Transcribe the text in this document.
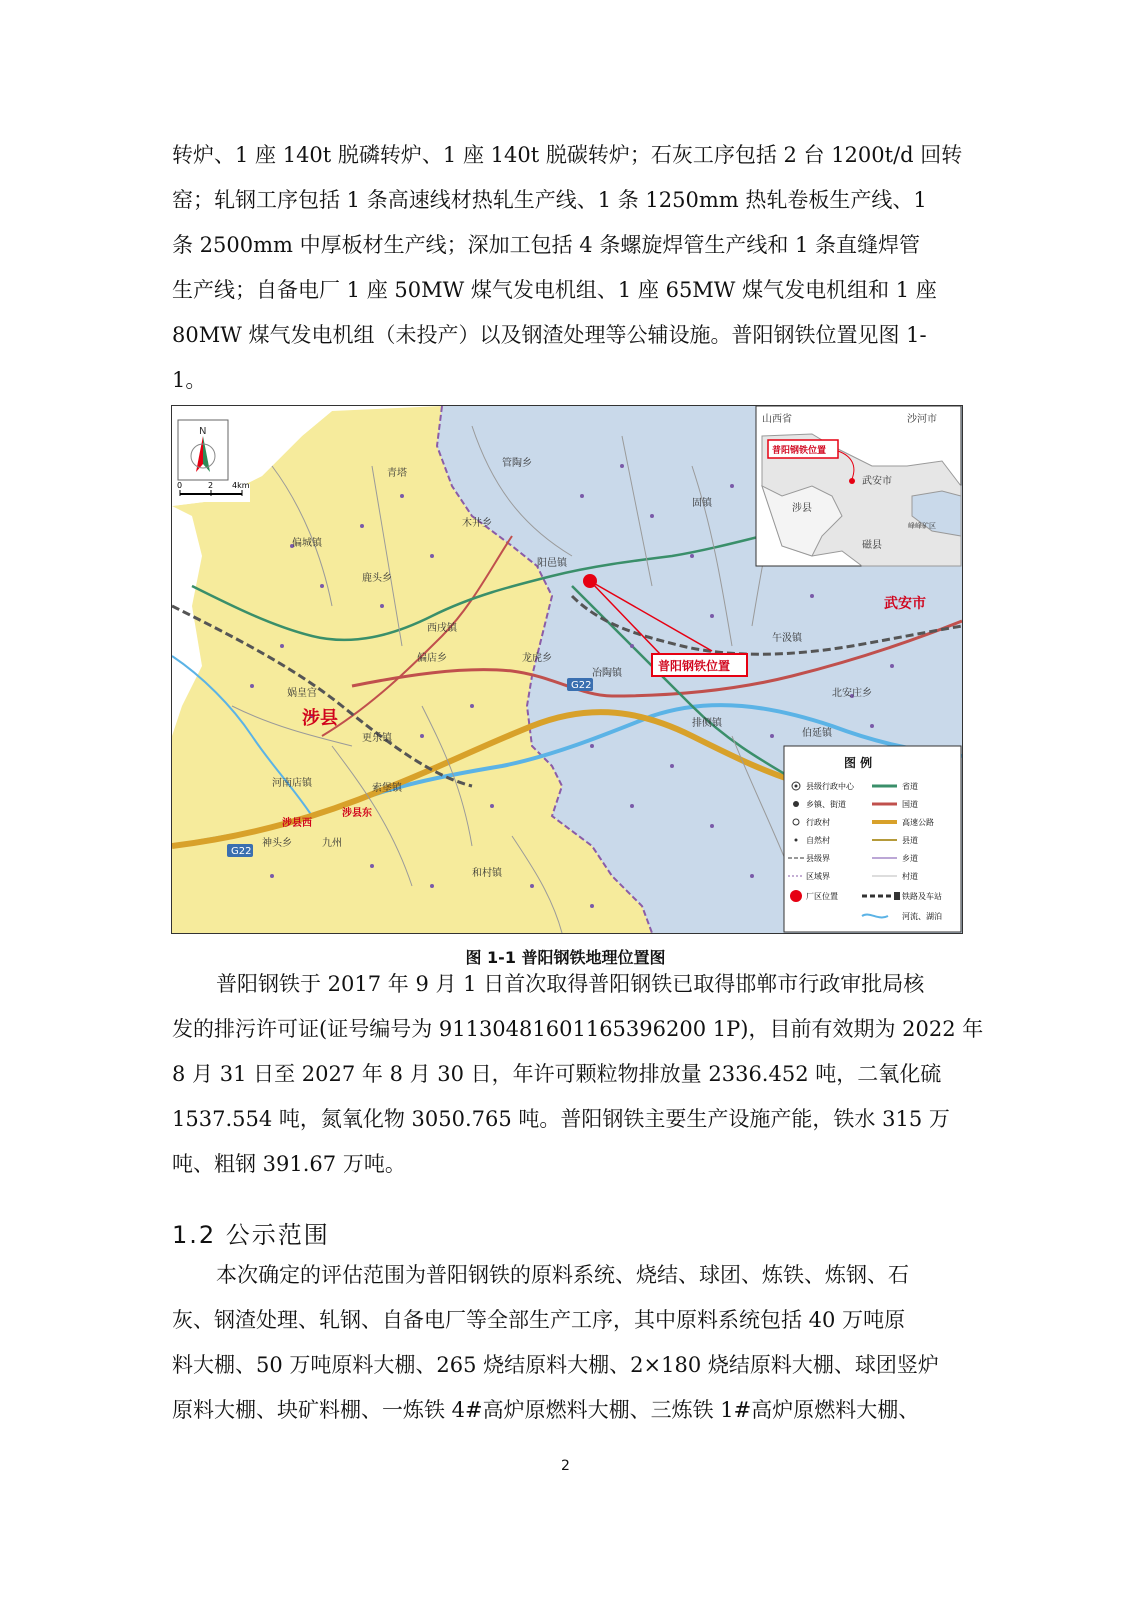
转炉、1 座 140t 脱磷转炉、1 座 140t 脱碳转炉；石灰工序包括 2 台 1200t/d 回转
窑；轧钢工序包括 1 条高速线材热轧生产线、1 条 1250mm 热轧卷板生产线、1
条 2500mm 中厚板材生产线；深加工包括 4 条螺旋焊管生产线和 1 条直缝焊管
生产线；自备电厂 1 座 50MW 煤气发电机组、1 座 65MW 煤气发电机组和 1 座
80MW 煤气发电机组（未投产）以及钢渣处理等公辅设施。普阳钢铁位置见图 1-
1。
涉县
武安市
阳邑镇
冶陶镇
偏城镇
鹿头乡
西戌镇
偏店乡	龙虎乡
河南店镇
涉县西
涉县东
更乐镇
娲皇宫
神头乡
木井乡
管陶乡
午汲镇
北安庄乡
伯延镇
排侧镇
九州
和村镇
固镇
青塔
索堡镇
G22
G22
普阳钢铁位置
N
0	2 4km
山西省	沙河市
普阳钢铁位置
武安市
涉县
磁县
峰峰矿区
图 例
县级行政中心
乡镇、街道
行政村
自然村
县级界
区域界
厂区位置
省道
国道
高速公路
县道
乡道
村道
铁路及车站
河流、湖泊
图 1-1 普阳钢铁地理位置图
普阳钢铁于 2017 年 9 月 1 日首次取得普阳钢铁已取得邯郸市行政审批局核
发的排污许可证(证号编号为 91130481601165396200 1P)，目前有效期为 2022 年
8 月 31 日至 2027 年 8 月 30 日，年许可颗粒物排放量 2336.452 吨，二氧化硫
1537.554 吨，氮氧化物 3050.765 吨。普阳钢铁主要生产设施产能，铁水 315 万
吨、粗钢 391.67 万吨。
1.2 公示范围
本次确定的评估范围为普阳钢铁的原料系统、烧结、球团、炼铁、炼钢、石
灰、钢渣处理、轧钢、自备电厂等全部生产工序，其中原料系统包括 40 万吨原
料大棚、50 万吨原料大棚、265 烧结原料大棚、2×180 烧结原料大棚、球团竖炉
原料大棚、块矿料棚、一炼铁 4#高炉原燃料大棚、三炼铁 1#高炉原燃料大棚、
2
